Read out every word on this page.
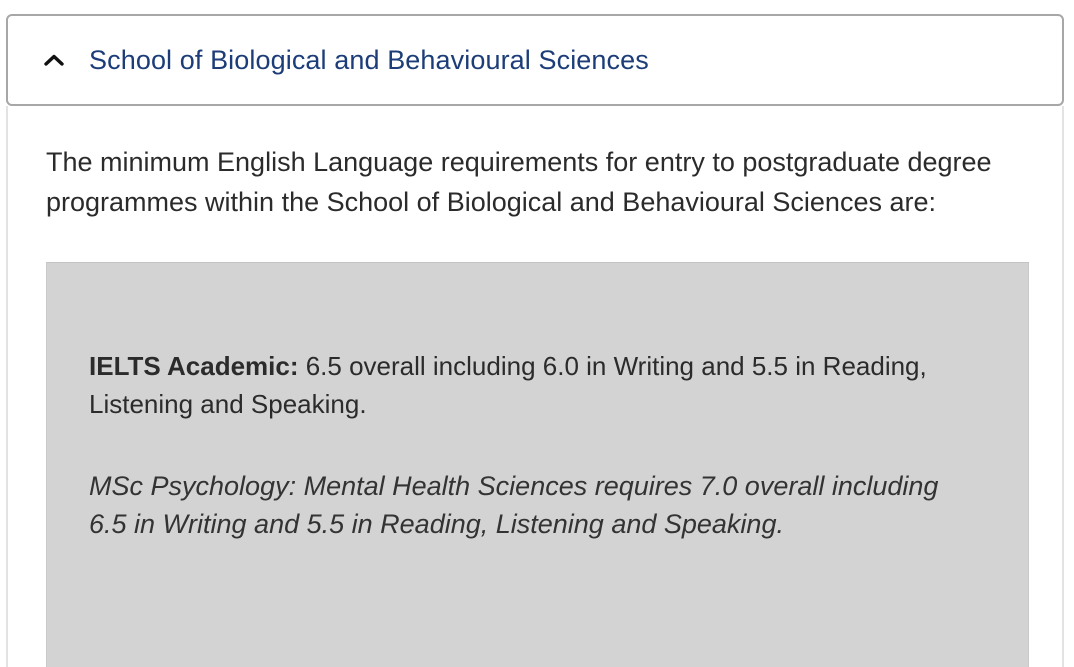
School of Biological and Behavioural Sciences

The minimum English Language requirements for entry to postgraduate degree programmes within the School of Biological and Behavioural Sciences are:

IELTS Academic: 6.5 overall including 6.0 in Writing and 5.5 in Reading, Listening and Speaking.

MSc Psychology: Mental Health Sciences requires 7.0 overall including 6.5 in Writing and 5.5 in Reading, Listening and Speaking.
